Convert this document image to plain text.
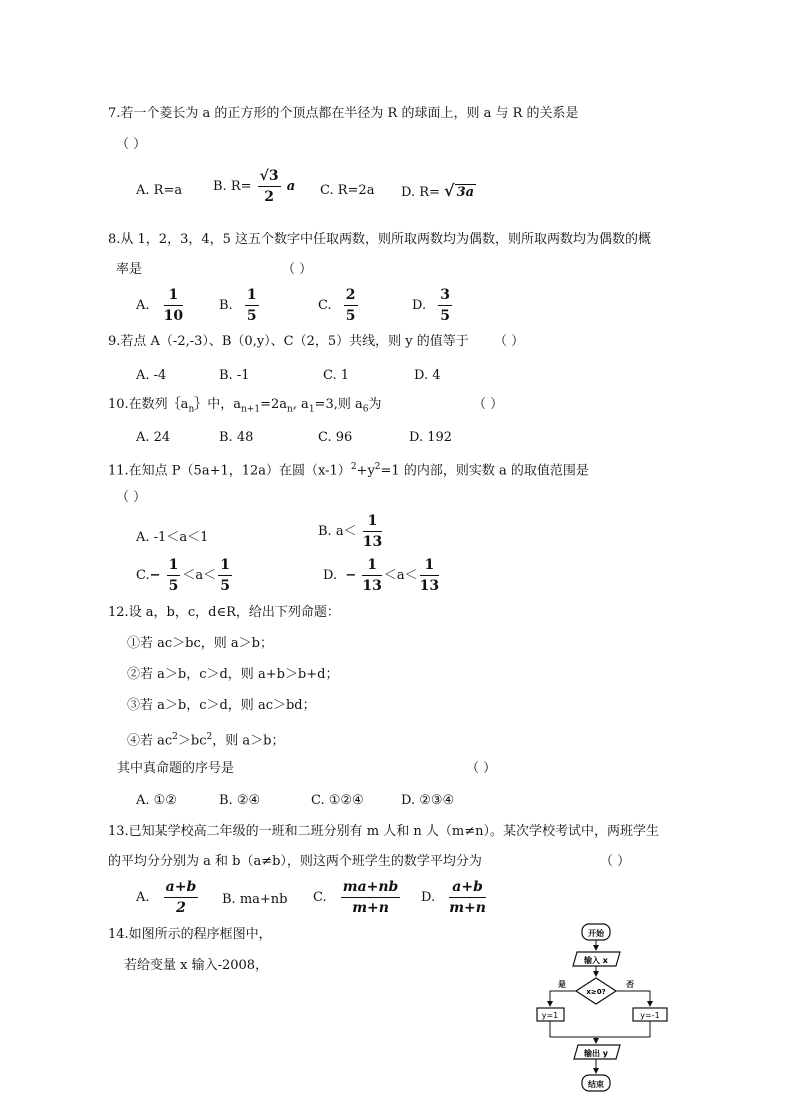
7.若一个菱长为 a 的正方形的个顶点都在半径为 R 的球面上，则 a 与 R 的关系是
（ ）
A. R=a B. $R= \frac{√3}{2}$ a C. R=2a D. R= √ 3a
8.从 1，2，3，4，5 这五个数字中任取两数，则所取两数均为偶数，则所取两数均为偶数的概
率是	（ ）
A. $\frac{1}{10}$	B. $\frac{1}{5}$	C. $\frac{2}{5}$	D. $\frac{3}{5}$
9.若点 A（-2,-3）、B（0,y）、C（2，5）共线，则 y 的值等于 （ ）
A. -4	B. -1	C. 1	D. 4
10.在数列$\{a_n\}$中，$a_{n+1}=2a_n$, $a_1=3$,则 $a_6$为	（ ）
A. 24	B. 48	C. 96	D. 192
11.在知点 P（5a+1，12a）在圆$(x-1)^2+y^2=1$ 的内部，则实数 a 的取值范围是
（ ）
A. -1＜a＜1	B. $a< \frac{1}{13}$
$C.- \frac{1}{5} <a< \frac{1}{5}$	D. − $\frac{1}{13} <a< \frac{1}{13}$
12.设 a，b，c，d∈R，给出下列命题：
①若 ac＞bc，则 a＞b；
②若 a＞b，c＞d，则 a+b＞b+d；
③若 a＞b，c＞d，则 ac＞bd；
④若 $ac^2>bc^2$，则 a＞b；
其中真命题的序号是	（ ）
A. ①②	B. ②④	C. ①②④	D. ②③④
13.已知某学校高二年级的一班和二班分别有 m 人和 n 人（m≠n）。某次学校考试中，两班学生
的平均分分别为 a 和 b（a≠b），则这两个班学生的数学平均分为	（ ）
A. $\frac{a+b}{2} B$. ma+nb C. $\frac{ma+nb}{m+n} D$. $\frac{a+b}{m+n}$
14.如图所示的程序框图中，
若给变量 x 输入-2008，
开始
输入 x
x≥0?
是	否
y=1	y=-1
输出 y
结束
